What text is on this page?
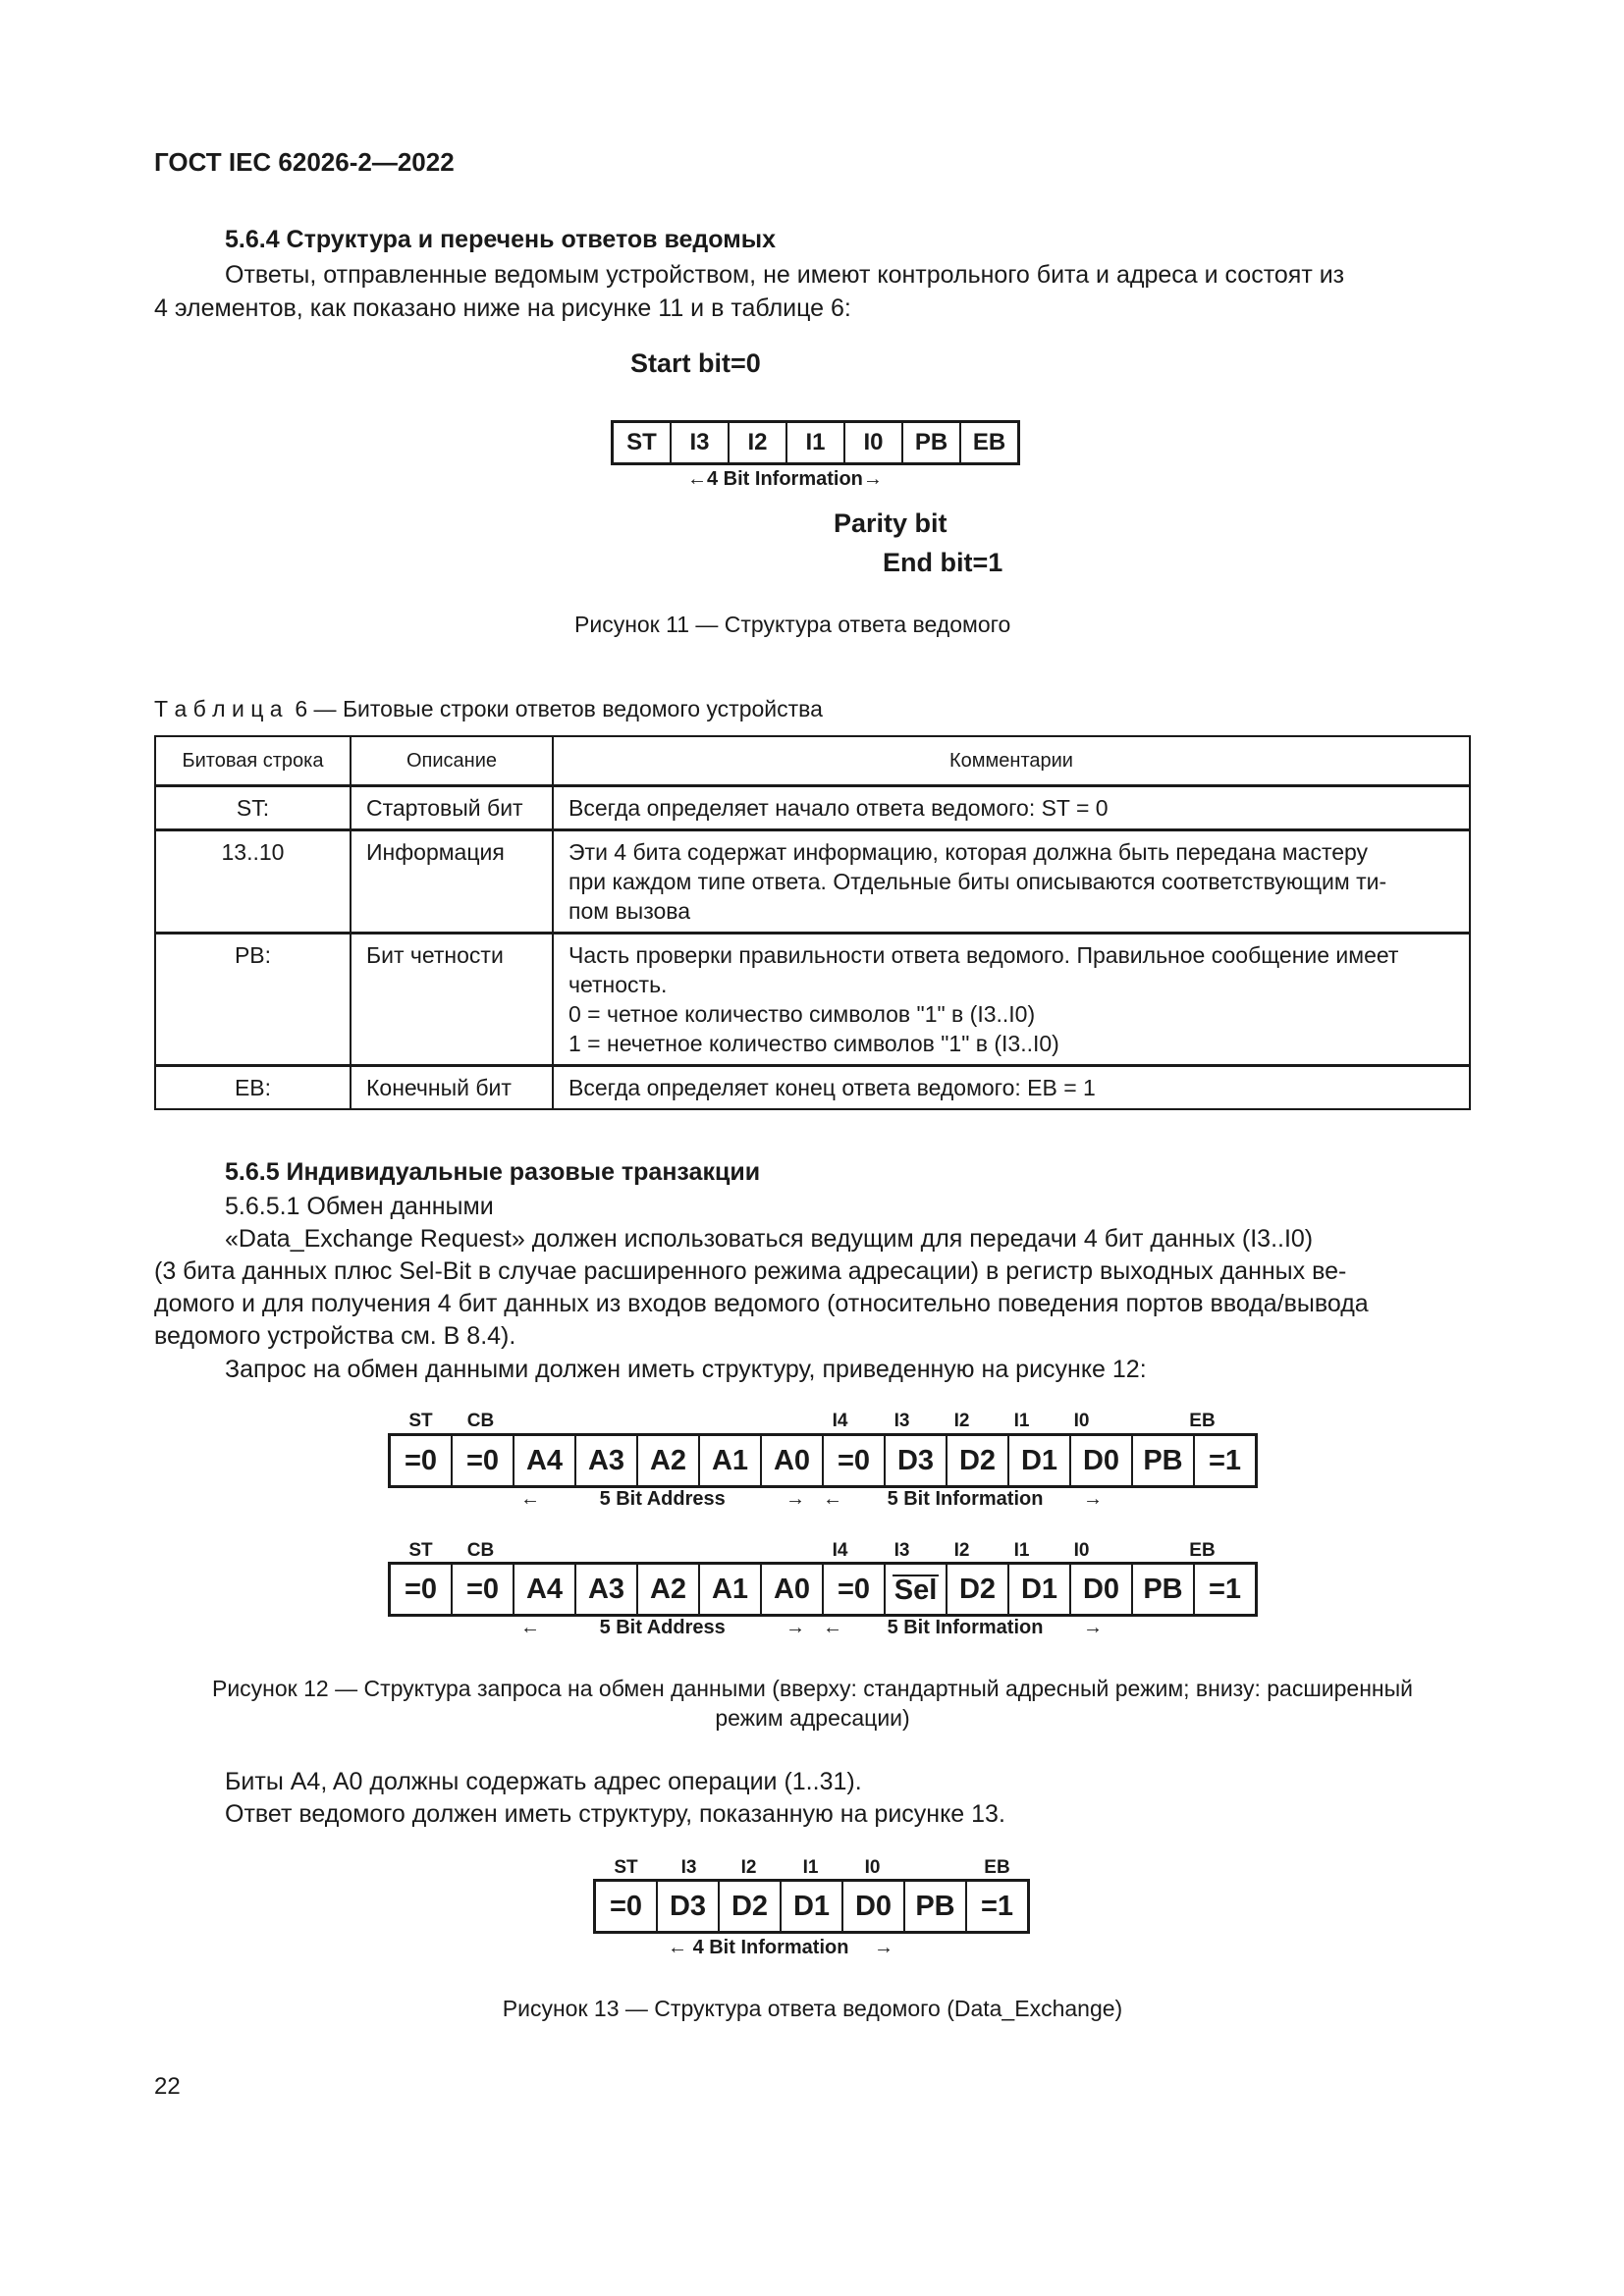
ГОСТ IEC 62026-2—2022
5.6.4 Структура и перечень ответов ведомых
Ответы, отправленные ведомым устройством, не имеют контрольного бита и адреса и состоят из
4 элементов, как показано ниже на рисунке 11 и в таблице 6:
Start bit=0
ST	I3	I2	I1	I0	PB	EB
←4 Bit Information→
Parity bit
End bit=1
Рисунок 11 — Структура ответа ведомого
Т а б л и ц а 6 — Битовые строки ответов ведомого устройства
Битовая строка	Описание	Комментарии
ST:	Стартовый бит	Всегда определяет начало ответа ведомого: ST = 0

13..10	Информация	Эти 4 бита содержат информацию, которая должна быть передана мастеру
при каждом типе ответа. Отдельные биты описываются соответствующим ти-
пом вызова

PB:	Бит четности	Часть проверки правильности ответа ведомого. Правильное сообщение имеет
четность.
0 = четное количество символов "1" в (I3..I0)
1 = нечетное количество символов "1" в (I3..I0)

EB:	Конечный бит	Всегда определяет конец ответа ведомого: EB = 1
5.6.5 Индивидуальные разовые транзакции
5.6.5.1 Обмен данными
«Data_Exchange Request» должен использоваться ведущим для передачи 4 бит данных (I3..I0)
(3 бита данных плюс Sel-Bit в случае расширенного режима адресации) в регистр выходных данных ве-
домого и для получения 4 бит данных из входов ведомого (относительно поведения портов ввода/вывода
ведомого устройства см. В 8.4).
Запрос на обмен данными должен иметь структуру, приведенную на рисунке 12:
ST	CB	I4	I3	I2	I1	I0	EB
=0	=0 A4 A3 A2 A1 A0 =0 D3 D2 D1 D0 PB =1
←	5 Bit Address	→ ← 5 Bit Information →
ST	CB	I4	I3	I2	I1	I0	EB
=0	=0 A4 A3 A2 A1 A0 =0 Sel D2 D1 D0 PB =1
←	5 Bit Address	→ ← 5 Bit Information →
Рисунок 12 — Структура запроса на обмен данными (вверху: стандартный адресный режим; внизу: расширенный
режим адресации)
Биты A4, A0 должны содержать адрес операции (1..31).
Ответ ведомого должен иметь структуру, показанную на рисунке 13.
ST	I3	I2	I1	I0	EB
=0 D3 D2 D1 D0 PB =1
← 4 Bit Information →
Рисунок 13 — Структура ответа ведомого (Data_Exchange)
22
